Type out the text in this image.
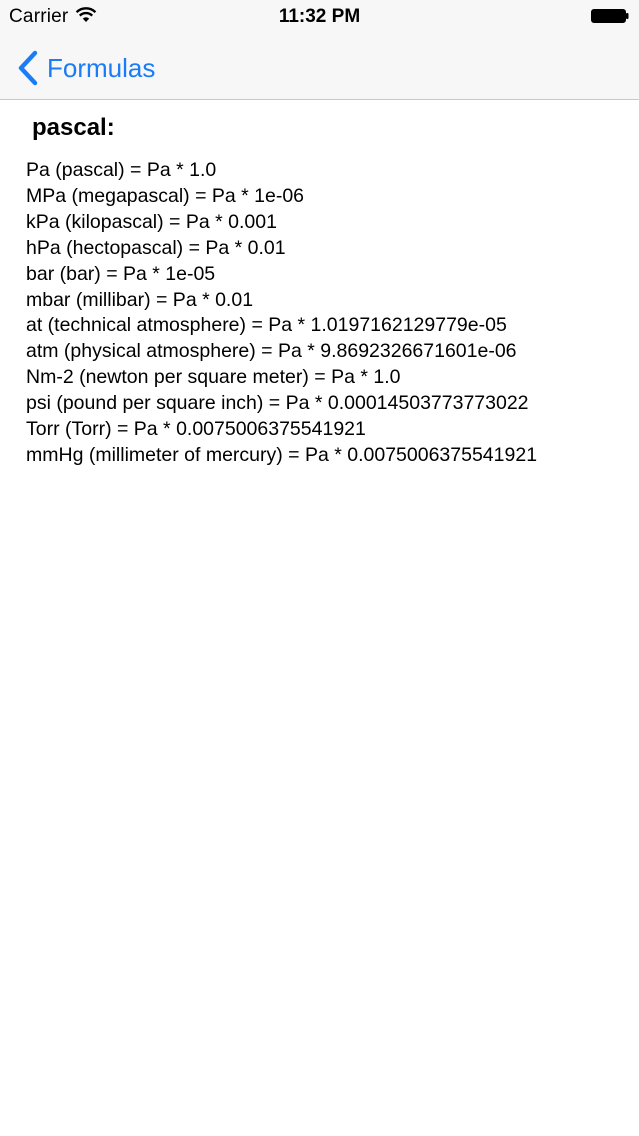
Carrier	11:32 PM
Formulas
pascal:
Pa (pascal) = Pa * 1.0
MPa (megapascal) = Pa * 1e-06
kPa (kilopascal) = Pa * 0.001
hPa (hectopascal) = Pa * 0.01
bar (bar) = Pa * 1e-05
mbar (millibar) = Pa * 0.01
at (technical atmosphere) = Pa * 1.0197162129779e-05
atm (physical atmosphere) = Pa * 9.8692326671601e-06
Nm-2 (newton per square meter) = Pa * 1.0
psi (pound per square inch) = Pa * 0.00014503773773022
Torr (Torr) = Pa * 0.0075006375541921
mmHg (millimeter of mercury) = Pa * 0.0075006375541921
